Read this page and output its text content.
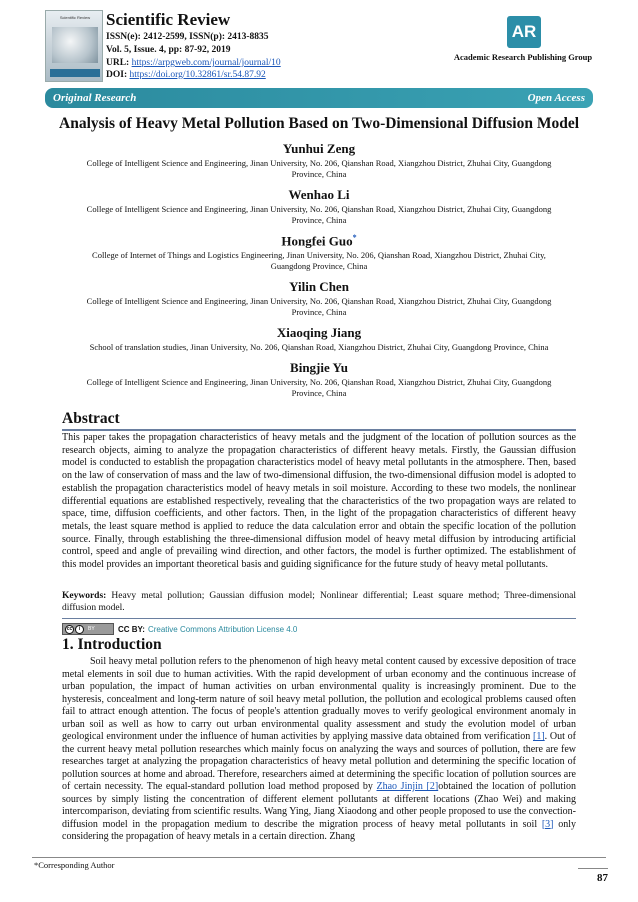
Scientific Review Scientific Review
ISSN(e): 2412-2599, ISSN(p): 2413-8835
Vol. 5, Issue. 4, pp: 87-92, 2019
URL: https://arpgweb.com/journal/journal/10
DOI: https://doi.org/10.32861/sr.54.87.92
AR
Academic Research Publishing Group
Original Research	Open Access
Analysis of Heavy Metal Pollution Based on Two-Dimensional Diffusion Model
Yunhui Zeng
College of Intelligent Science and Engineering, Jinan University, No. 206, Qianshan Road, Xiangzhou District, Zhuhai City, Guangdong Province, China
Wenhao Li
College of Intelligent Science and Engineering, Jinan University, No. 206, Qianshan Road, Xiangzhou District, Zhuhai City, Guangdong Province, China
Hongfei Guo*
College of Internet of Things and Logistics Engineering, Jinan University, No. 206, Qianshan Road, Xiangzhou District, Zhuhai City, Guangdong Province, China
Yilin Chen
College of Intelligent Science and Engineering, Jinan University, No. 206, Qianshan Road, Xiangzhou District, Zhuhai City, Guangdong Province, China
Xiaoqing Jiang
School of translation studies, Jinan University, No. 206, Qianshan Road, Xiangzhou District, Zhuhai City, Guangdong Province, China
Bingjie Yu
College of Intelligent Science and Engineering, Jinan University, No. 206, Qianshan Road, Xiangzhou District, Zhuhai City, Guangdong Province, China
Abstract
This paper takes the propagation characteristics of heavy metals and the judgment of the location of pollution sources as the research objects, aiming to analyze the propagation characteristics of different heavy metals. Firstly, the Gaussian diffusion model is conducted to establish the propagation characteristics model of heavy metal pollutants in the atmosphere. Then, based on the law of conservation of mass and the law of two-dimensional diffusion, the two-dimensional diffusion model is adopted to establish the propagation characteristics model of heavy metals in soil moisture. According to these two models, the nonlinear differential equations are established respectively, revealing that the characteristics of the two propagation ways are related to space, time, diffusion coefficients, and other factors. Then, in the light of the propagation characteristics of different heavy metals, the least square method is applied to reduce the data calculation error and obtain the specific location of the pollution source. Finally, through establishing the three-dimensional diffusion model of heavy metal diffusion by introducing artificial control, speed and angle of prevailing wind direction, and other factors, the model is further optimized. The establishment of this model provides an important theoretical basis and guiding significance for the future study of heavy metal pollutants.
Keywords: Heavy metal pollution; Gaussian diffusion model; Nonlinear differential; Least square method; Three-dimensional diffusion model.
cc	i	BY	CC BY: Creative Commons Attribution License 4.0
1. Introduction
Soil heavy metal pollution refers to the phenomenon of high heavy metal content caused by excessive deposition of trace metal elements in soil due to human activities. With the rapid development of urban economy and the continuous increase of urban population, the impact of human activities on urban environmental quality is increasingly prominent. Due to the hysteresis, concealment and long-term nature of soil heavy metal pollution, the pollution and ecological problems caused often fail to attract enough attention. The focus of people's attention gradually moves to verify geological environment anomaly in urban soil as well as how to carry out urban environmental quality assessment and study the evolution model of urban geological environment under the influence of human activities by applying massive data obtained from verification [1]. Out of the current heavy metal pollution researches which mainly focus on analyzing the ways and sources of pollution, there are few researches target at analyzing the propagation characteristics of heavy metal pollution and determining the specific location of pollution sources at home and abroad. Therefore, researchers aimed at determining the specific location of pollution sources are of certain necessity. The equal-standard pollution load method proposed by Zhao Jinjin [2]obtained the location of pollution sources by simply listing the concentration of different element pollutants at different locations (Zhao Wei) and making intercomparison, deviating from scientific results. Wang Ying, Jiang Xiaodong and other people proposed to use the convection-diffusion model in the propagation medium to describe the migration process of heavy metal pollutants in soil [3] only considering the propagation of heavy metals in a certain direction. Zhang
*Corresponding Author
87
